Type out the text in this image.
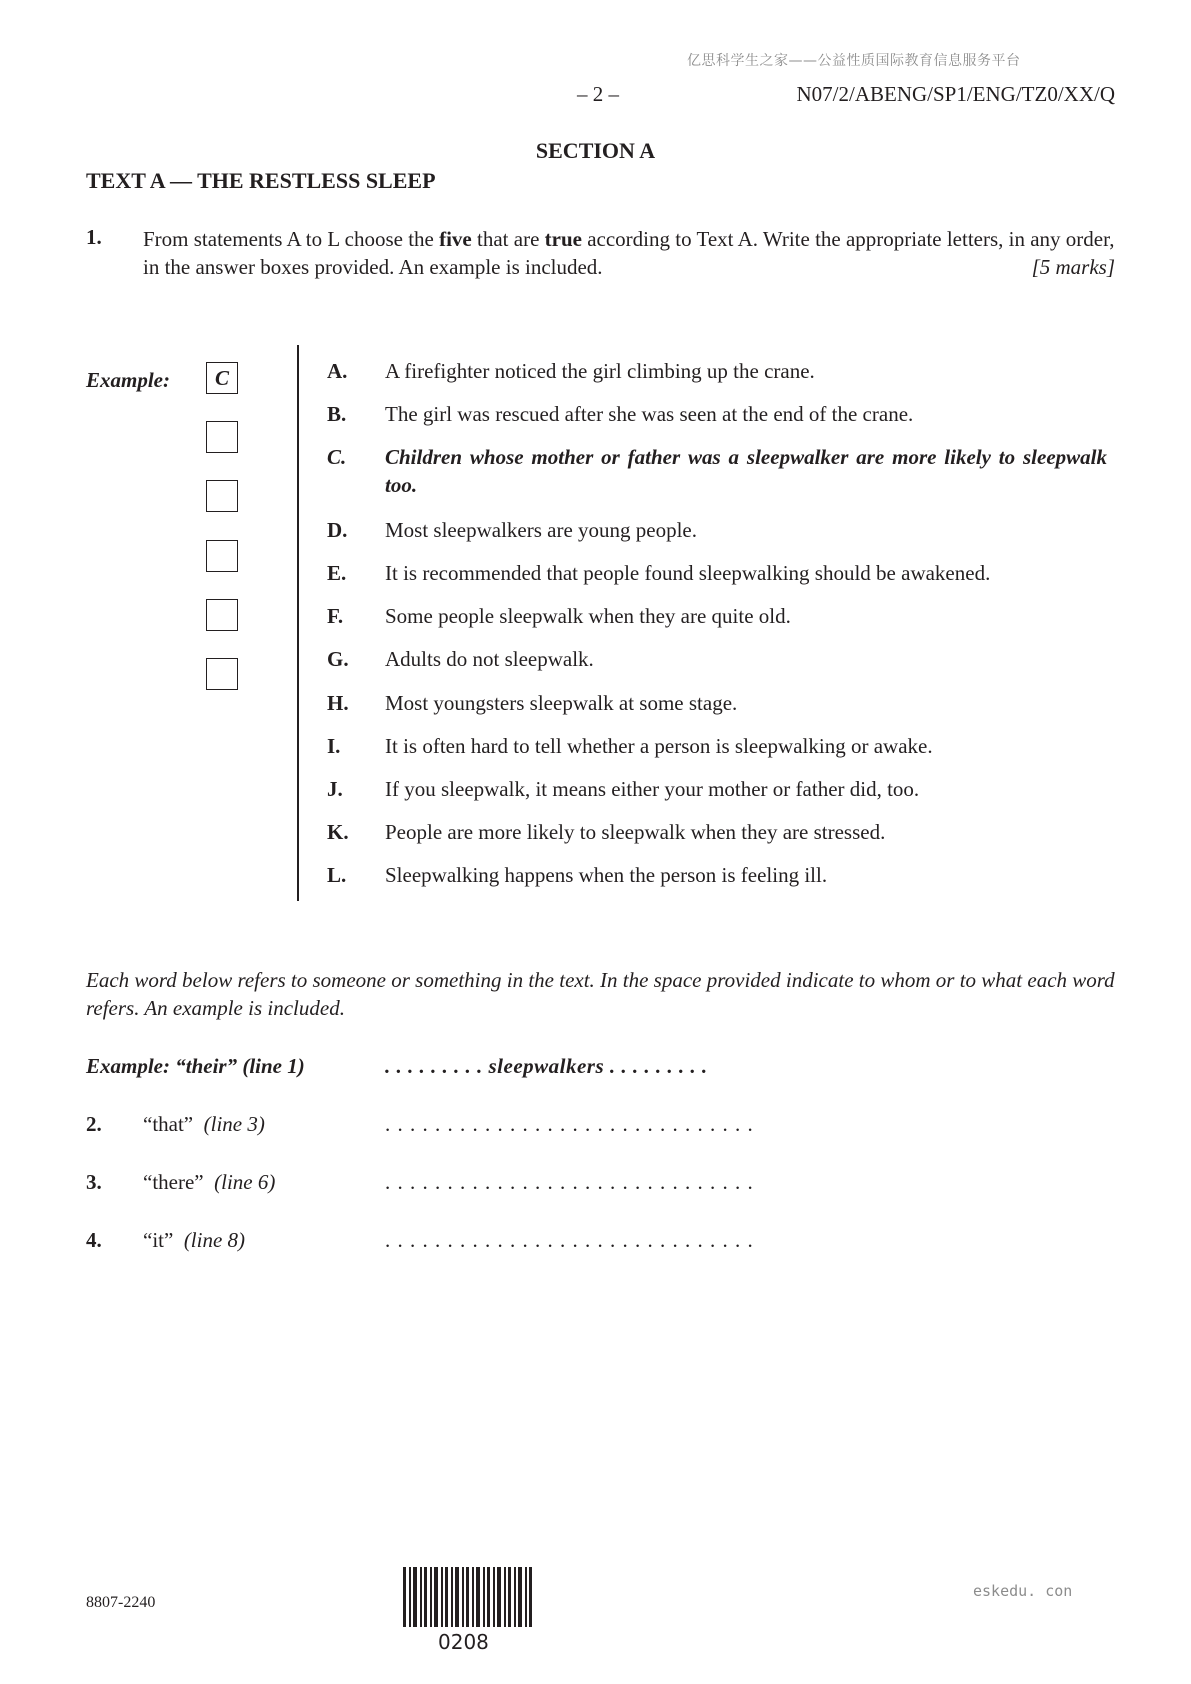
亿思科学生之家——公益性质国际教育信息服务平台
– 2 –	N07/2/ABENG/SP1/ENG/TZ0/XX/Q
SECTION A
TEXT A — THE RESTLESS SLEEP
1. From statements A to L choose the five that are true according to Text A. Write the appropriate letters, in any order, in the answer boxes provided. An example is included.	[5 marks]
Example:	C	A. A firefighter noticed the girl climbing up the crane.
B. The girl was rescued after she was seen at the end of the crane.
C. Children whose mother or father was a sleepwalker are more likely to sleepwalk too.
D. Most sleepwalkers are young people.
E. It is recommended that people found sleepwalking should be awakened.
F. Some people sleepwalk when they are quite old.
G. Adults do not sleepwalk.
H. Most youngsters sleepwalk at some stage.
I. It is often hard to tell whether a person is sleepwalking or awake.
J. If you sleepwalk, it means either your mother or father did, too.
K. People are more likely to sleepwalk when they are stressed.
L. Sleepwalking happens when the person is feeling ill.
Each word below refers to someone or something in the text. In the space provided indicate to whom or to what each word refers. An example is included.
Example: “their” (line 1)	. . . . . . . . . sleepwalkers . . . . . . . . .
2. “that” (line 3)	. . . . . . . . . . . . . . . . . . . . . . . . . . . . . .
3. “there” (line 6)	. . . . . . . . . . . . . . . . . . . . . . . . . . . . . .
4. “it” (line 8)	. . . . . . . . . . . . . . . . . . . . . . . . . . . . . .
8807-2240
0208
eskedu. con
